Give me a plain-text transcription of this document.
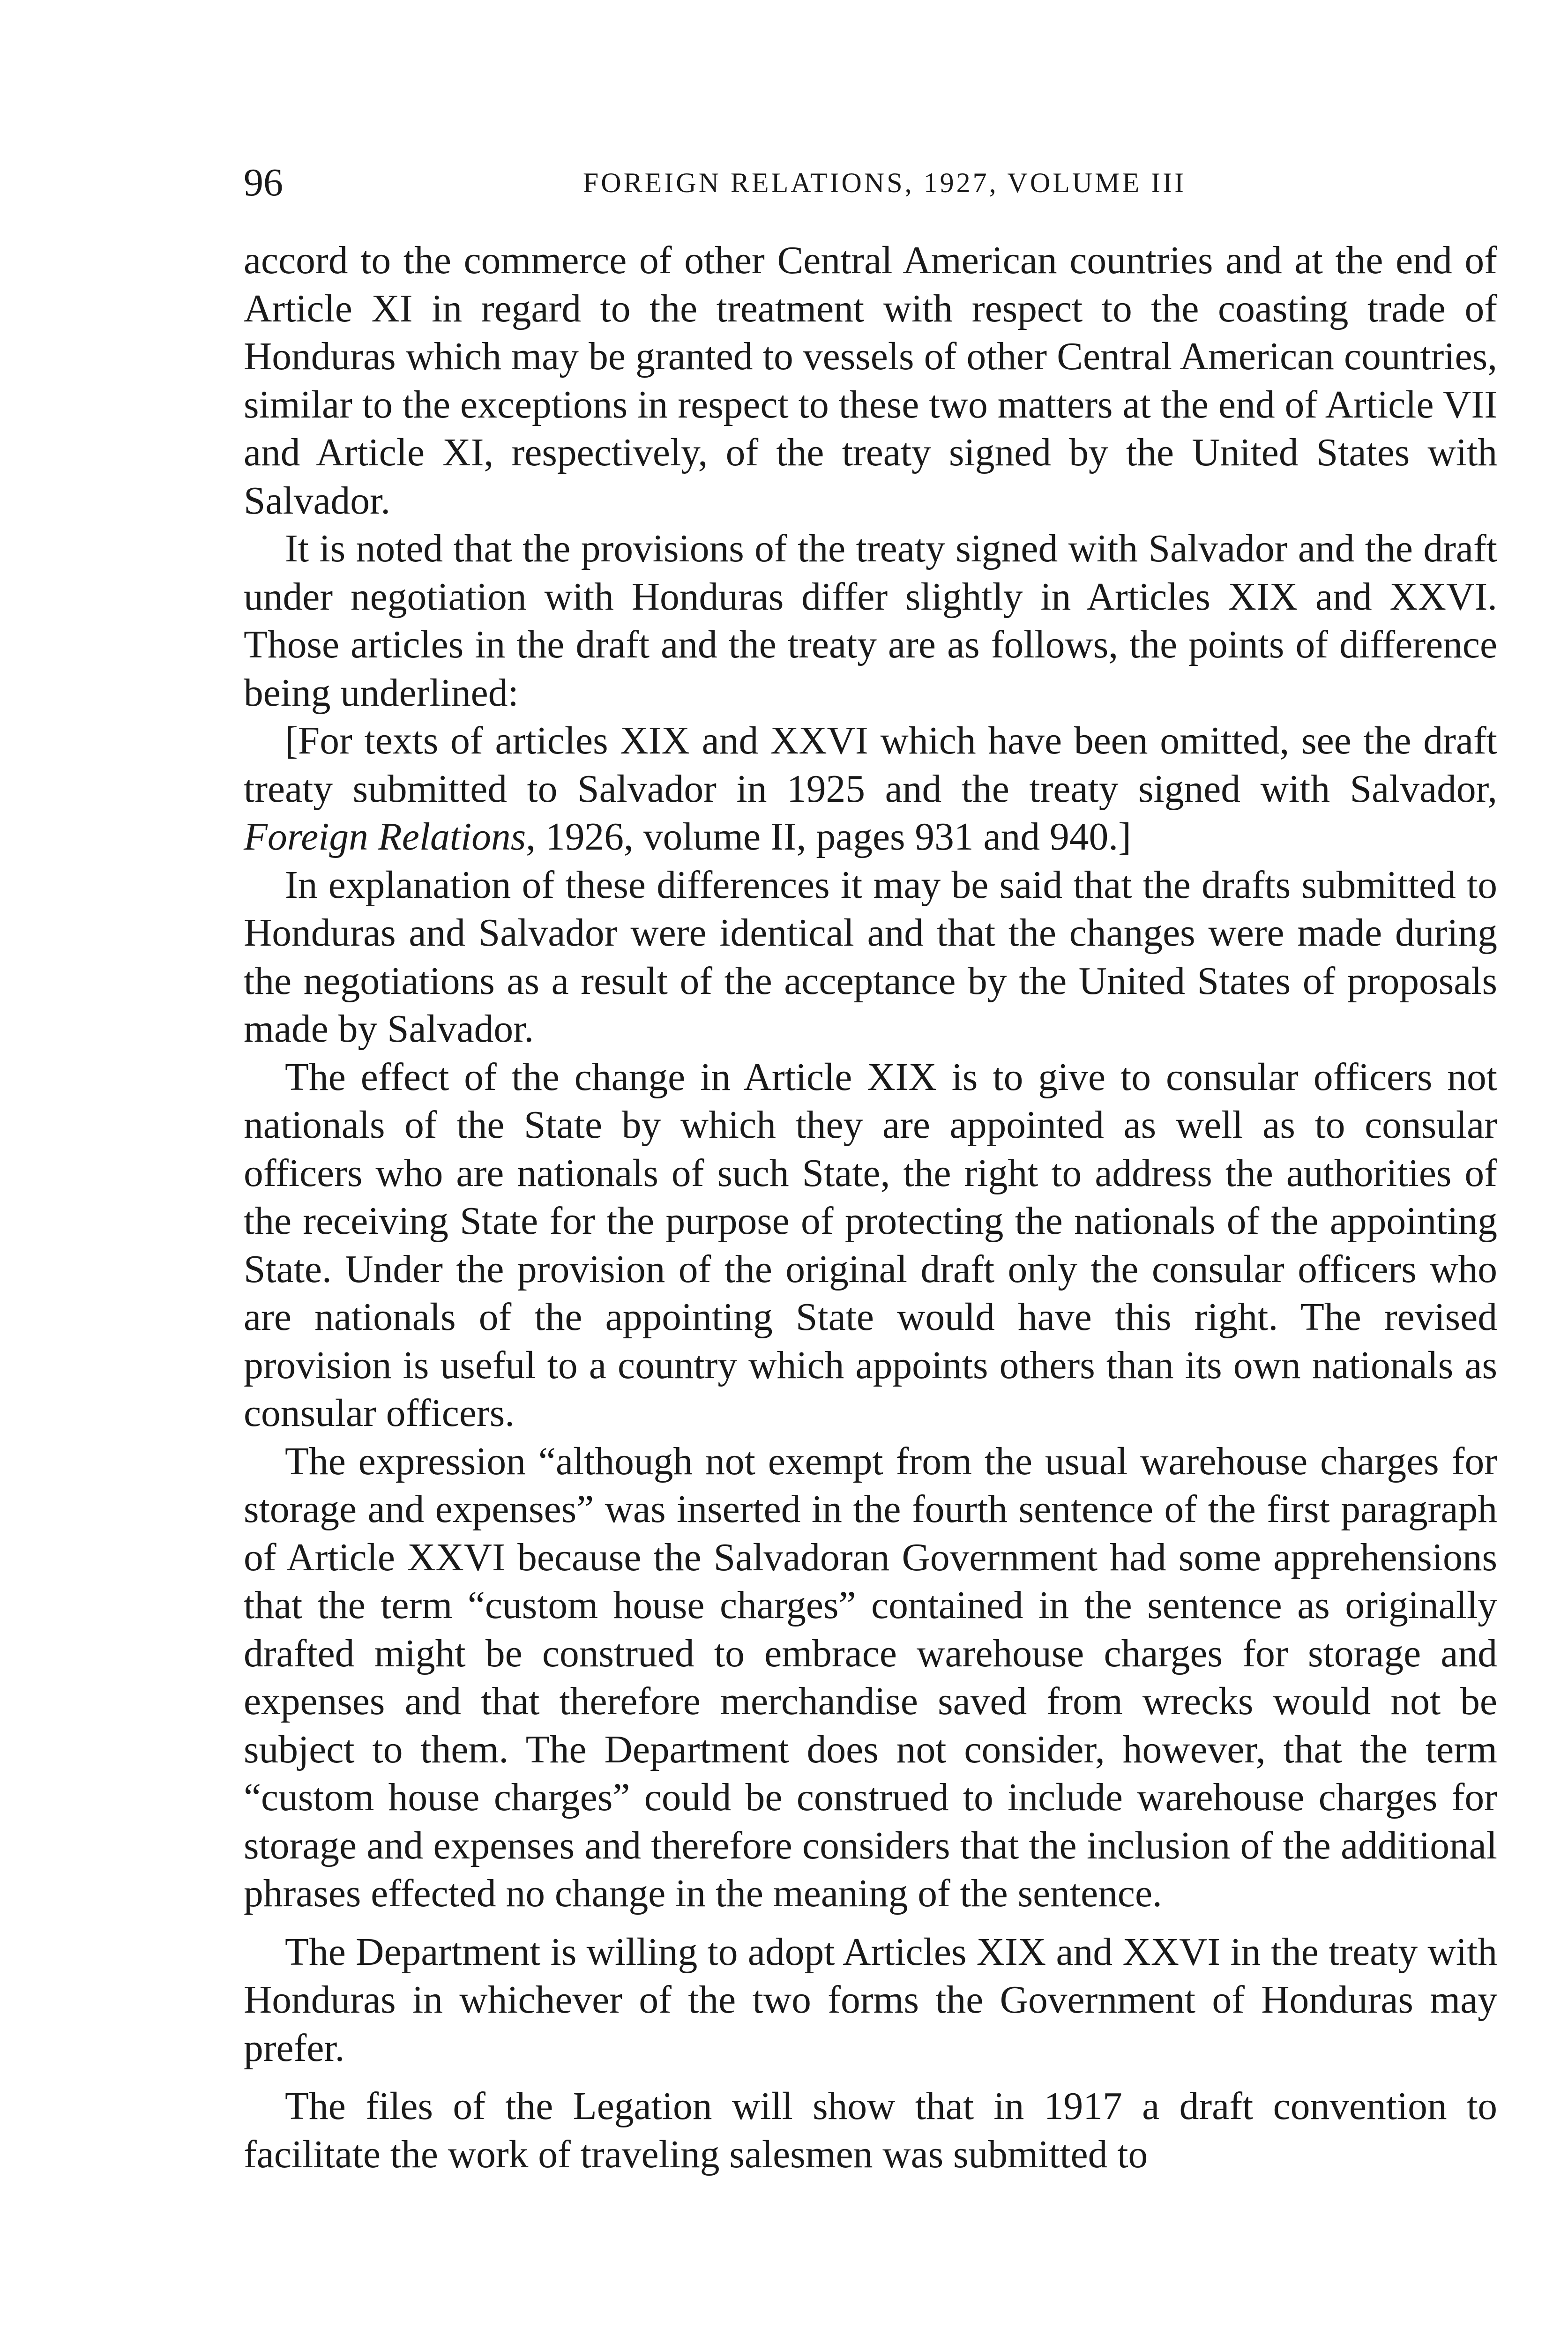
96	FOREIGN RELATIONS, 1927, VOLUME III

accord to the commerce of other Central American countries and at the end of Article XI in regard to the treatment with respect to the coasting trade of Honduras which may be granted to vessels of other Central American countries, similar to the exceptions in respect to these two matters at the end of Article VII and Article XI, respectively, of the treaty signed by the United States with Salvador.

It is noted that the provisions of the treaty signed with Salvador and the draft under negotiation with Honduras differ slightly in Articles XIX and XXVI. Those articles in the draft and the treaty are as follows, the points of difference being underlined:

[For texts of articles XIX and XXVI which have been omitted, see the draft treaty submitted to Salvador in 1925 and the treaty signed with Salvador, Foreign Relations, 1926, volume II, pages 931 and 940.]

In explanation of these differences it may be said that the drafts submitted to Honduras and Salvador were identical and that the changes were made during the negotiations as a result of the acceptance by the United States of proposals made by Salvador.

The effect of the change in Article XIX is to give to consular officers not nationals of the State by which they are appointed as well as to consular officers who are nationals of such State, the right to address the authorities of the receiving State for the purpose of protecting the nationals of the appointing State. Under the provision of the original draft only the consular officers who are nationals of the appointing State would have this right. The revised provision is useful to a country which appoints others than its own nationals as consular officers.

The expression “although not exempt from the usual warehouse charges for storage and expenses” was inserted in the fourth sentence of the first paragraph of Article XXVI because the Salvadoran Government had some apprehensions that the term “custom house charges” contained in the sentence as originally drafted might be construed to embrace warehouse charges for storage and expenses and that therefore merchandise saved from wrecks would not be subject to them. The Department does not consider, however, that the term “custom house charges” could be construed to include warehouse charges for storage and expenses and therefore considers that the inclusion of the additional phrases effected no change in the meaning of the sentence.

The Department is willing to adopt Articles XIX and XXVI in the treaty with Honduras in whichever of the two forms the Government of Honduras may prefer.

The files of the Legation will show that in 1917 a draft convention to facilitate the work of traveling salesmen was submitted to
